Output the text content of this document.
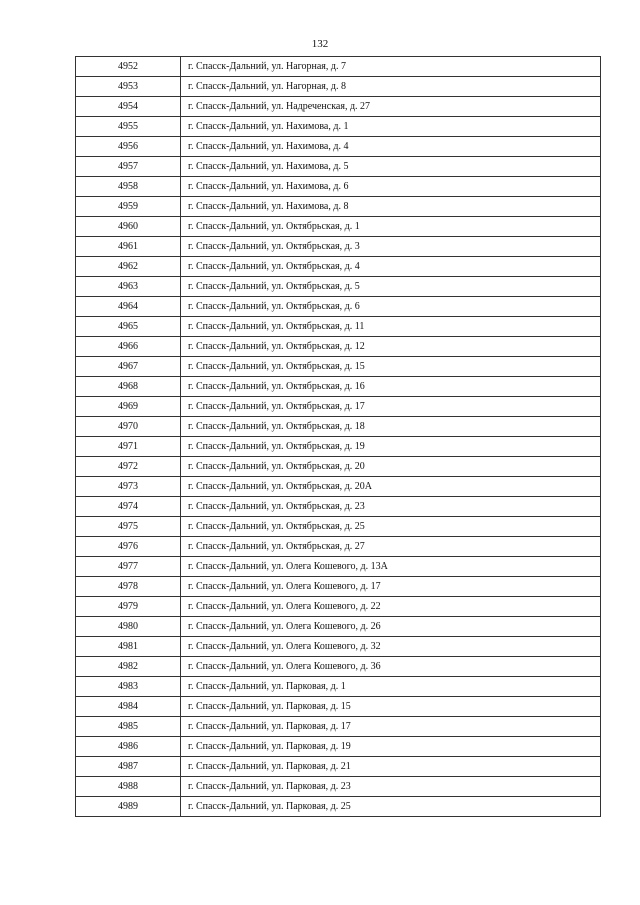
132
4952	г. Спасск-Дальний, ул. Нагорная, д. 7
4953	г. Спасск-Дальний, ул. Нагорная, д. 8
4954	г. Спасск-Дальний, ул. Надреченская, д. 27
4955	г. Спасск-Дальний, ул. Нахимова, д. 1
4956	г. Спасск-Дальний, ул. Нахимова, д. 4
4957	г. Спасск-Дальний, ул. Нахимова, д. 5
4958	г. Спасск-Дальний, ул. Нахимова, д. 6
4959	г. Спасск-Дальний, ул. Нахимова, д. 8
4960	г. Спасск-Дальний, ул. Октябрьская, д. 1
4961	г. Спасск-Дальний, ул. Октябрьская, д. 3
4962	г. Спасск-Дальний, ул. Октябрьская, д. 4
4963	г. Спасск-Дальний, ул. Октябрьская, д. 5
4964	г. Спасск-Дальний, ул. Октябрьская, д. 6
4965	г. Спасск-Дальний, ул. Октябрьская, д. 11
4966	г. Спасск-Дальний, ул. Октябрьская, д. 12
4967	г. Спасск-Дальний, ул. Октябрьская, д. 15
4968	г. Спасск-Дальний, ул. Октябрьская, д. 16
4969	г. Спасск-Дальний, ул. Октябрьская, д. 17
4970	г. Спасск-Дальний, ул. Октябрьская, д. 18
4971	г. Спасск-Дальний, ул. Октябрьская, д. 19
4972	г. Спасск-Дальний, ул. Октябрьская, д. 20
4973	г. Спасск-Дальний, ул. Октябрьская, д. 20А
4974	г. Спасск-Дальний, ул. Октябрьская, д. 23
4975	г. Спасск-Дальний, ул. Октябрьская, д. 25
4976	г. Спасск-Дальний, ул. Октябрьская, д. 27
4977	г. Спасск-Дальний, ул. Олега Кошевого, д. 13А
4978	г. Спасск-Дальний, ул. Олега Кошевого, д. 17
4979	г. Спасск-Дальний, ул. Олега Кошевого, д. 22
4980	г. Спасск-Дальний, ул. Олега Кошевого, д. 26
4981	г. Спасск-Дальний, ул. Олега Кошевого, д. 32
4982	г. Спасск-Дальний, ул. Олега Кошевого, д. 36
4983	г. Спасск-Дальний, ул. Парковая, д. 1
4984	г. Спасск-Дальний, ул. Парковая, д. 15
4985	г. Спасск-Дальний, ул. Парковая, д. 17
4986	г. Спасск-Дальний, ул. Парковая, д. 19
4987	г. Спасск-Дальний, ул. Парковая, д. 21
4988	г. Спасск-Дальний, ул. Парковая, д. 23
4989	г. Спасск-Дальний, ул. Парковая, д. 25
